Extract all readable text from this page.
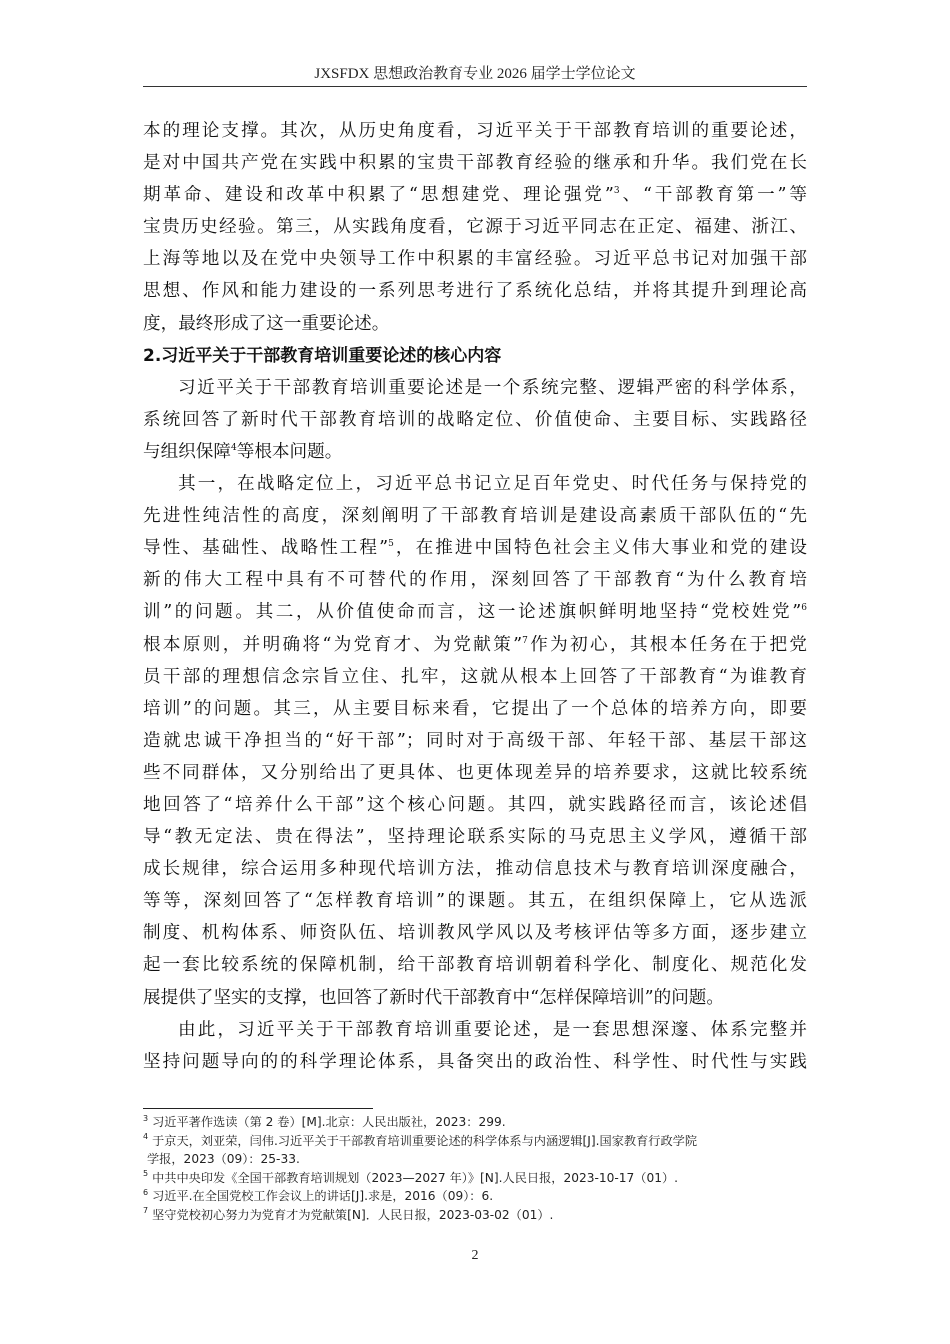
JXSFDX 思想政治教育专业 2026 届学士学位论文
本的理论支撑。其次，从历史角度看，习近平关于干部教育培训的重要论述，
是对中国共产党在实践中积累的宝贵干部教育经验的继承和升华。我们党在长
期革命、建设和改革中积累了“思想建党、理论强党”$^3$、“干部教育第一”等
宝贵历史经验。第三，从实践角度看，它源于习近平同志在正定、福建、浙江、
上海等地以及在党中央领导工作中积累的丰富经验。习近平总书记对加强干部
思想、作风和能力建设的一系列思考进行了系统化总结，并将其提升到理论高
度，最终形成了这一重要论述。
2.习近平关于干部教育培训重要论述的核心内容
习近平关于干部教育培训重要论述是一个系统完整、逻辑严密的科学体系，
系统回答了新时代干部教育培训的战略定位、价值使命、主要目标、实践路径
与组织保障$^4$等根本问题。
其一，在战略定位上，习近平总书记立足百年党史、时代任务与保持党的
先进性纯洁性的高度，深刻阐明了干部教育培训是建设高素质干部队伍的“先
导性、基础性、战略性工程”$^5$，在推进中国特色社会主义伟大事业和党的建设
新的伟大工程中具有不可替代的作用，深刻回答了干部教育“为什么教育培
训”的问题。其二，从价值使命而言，这一论述旗帜鲜明地坚持“党校姓党”$^6$
根本原则，并明确将“为党育才、为党献策”$^7$作为初心，其根本任务在于把党
员干部的理想信念宗旨立住、扎牢，这就从根本上回答了干部教育“为谁教育
培训”的问题。其三，从主要目标来看，它提出了一个总体的培养方向，即要
造就忠诚干净担当的“好干部”；同时对于高级干部、年轻干部、基层干部这
些不同群体，又分别给出了更具体、也更体现差异的培养要求，这就比较系统
地回答了“培养什么干部”这个核心问题。其四，就实践路径而言，该论述倡
导“教无定法、贵在得法”，坚持理论联系实际的马克思主义学风，遵循干部
成长规律，综合运用多种现代培训方法，推动信息技术与教育培训深度融合，
等等，深刻回答了“怎样教育培训”的课题。其五，在组织保障上，它从选派
制度、机构体系、师资队伍、培训教风学风以及考核评估等多方面，逐步建立
起一套比较系统的保障机制，给干部教育培训朝着科学化、制度化、规范化发
展提供了坚实的支撑，也回答了新时代干部教育中“怎样保障培训”的问题。
由此，习近平关于干部教育培训重要论述，是一套思想深邃、体系完整并
坚持问题导向的的科学理论体系，具备突出的政治性、科学性、时代性与实践
$^3$ 习近平著作选读（第 2 卷）[M].北京：人民出版社，2023：299.
$^4$ 于京天，刘亚荣，闫伟.习近平关于干部教育培训重要论述的科学体系与内涵逻辑[J].国家教育行政学院
学报，2023（09）：25-33.
$^5$ 中共中央印发《全国干部教育培训规划（2023—2027 年）》[N].人民日报，2023-10-17（01）.
$^6$ 习近平.在全国党校工作会议上的讲话[J].求是，2016（09）：6.
$^7$ 坚守党校初心努力为党育才为党献策[N]．人民日报，2023-03-02（01）.
2
